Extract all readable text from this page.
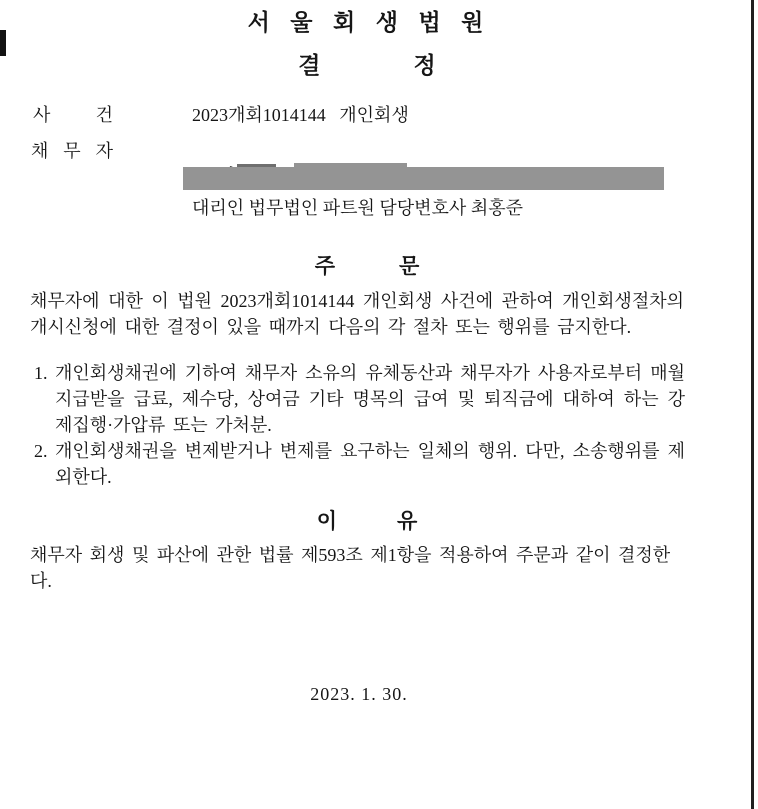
서  울  회  생  법  원
결	정
사	건	2023개회1014144   개인회생
채 무 자

대리인 법무법인 파트원 담당변호사 최홍준
주	문
채무자에 대한 이 법원 2023개회1014144 개인회생 사건에 관하여 개인회생절차의 개시신청에 대한 결정이 있을 때까지 다음의 각 절차 또는 행위를 금지한다.
1. 개인회생채권에 기하여 채무자 소유의 유체동산과 채무자가 사용자로부터 매월 지급받을 급료, 제수당, 상여금 기타 명목의 급여 및 퇴직금에 대하여 하는 강제집행·가압류 또는 가처분.
2. 개인회생채권을 변제받거나 변제를 요구하는 일체의 행위. 다만, 소송행위를 제외한다.
이	유
채무자 회생 및 파산에 관한 법률 제593조 제1항을 적용하여 주문과 같이 결정한다.
2023. 1. 30.
